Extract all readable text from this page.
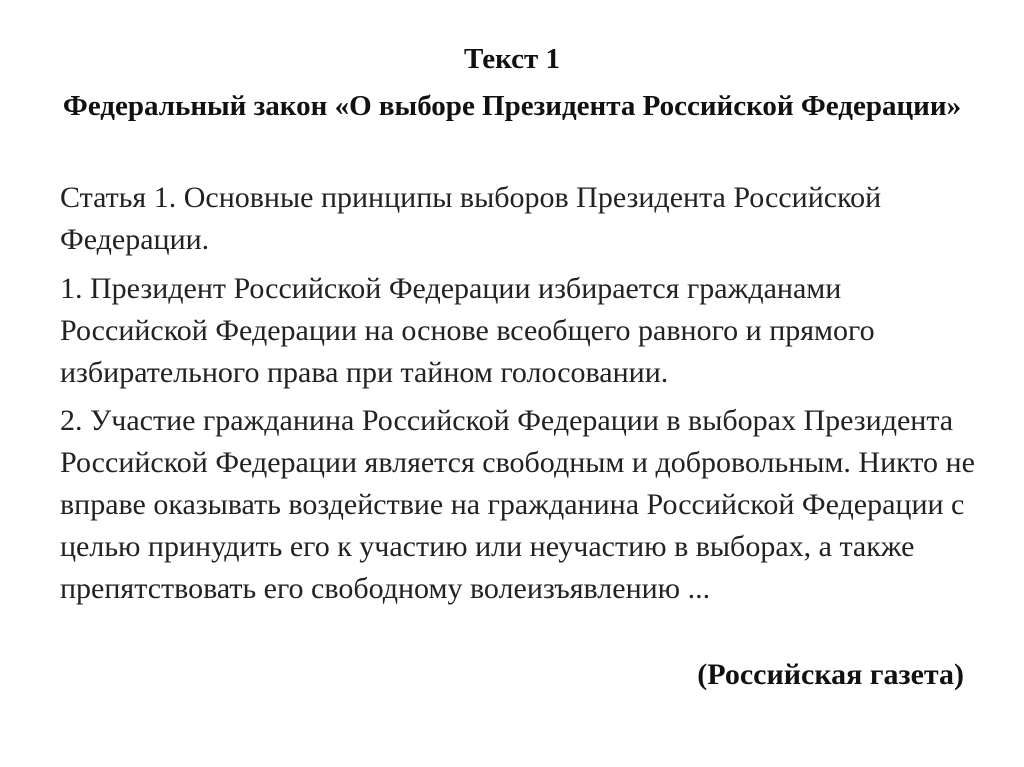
Текст 1

Федеральный закон «О выборе Президента Российской Федерации»

Статья 1. Основные принципы выборов Президента Российской Федерации.

1. Президент Российской Федерации избирается гражданами Российской Федерации на основе всеобщего равного и прямого избирательного права при тайном голосовании.

2. Участие гражданина Российской Федерации в выборах Президента Российской Федерации является свободным и добровольным. Никто не вправе оказывать воздействие на гражданина Российской Федерации с целью принудить его к участию или неучастию в выборах, а также препятствовать его свободному волеизъявлению ...

(Российская газета)
